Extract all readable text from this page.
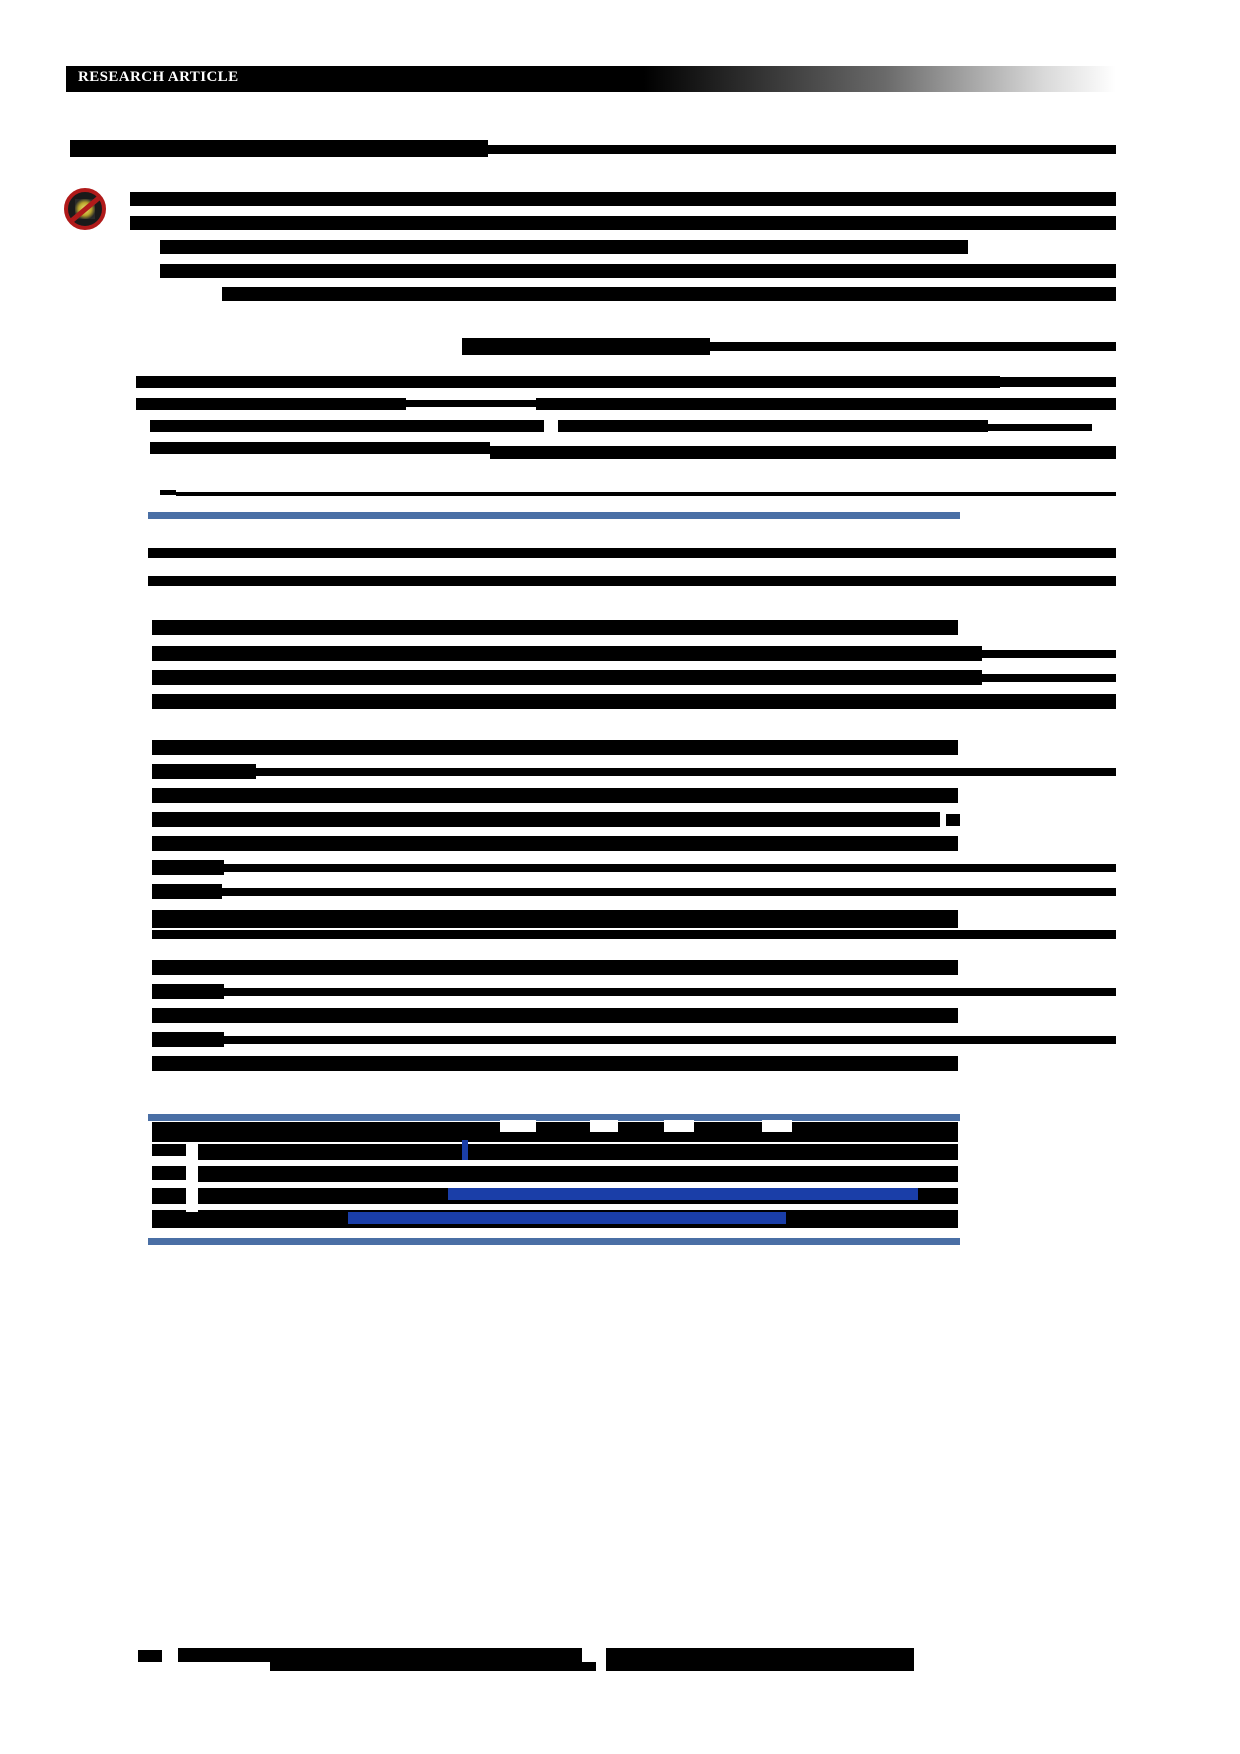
RESEARCH ARTICLE
